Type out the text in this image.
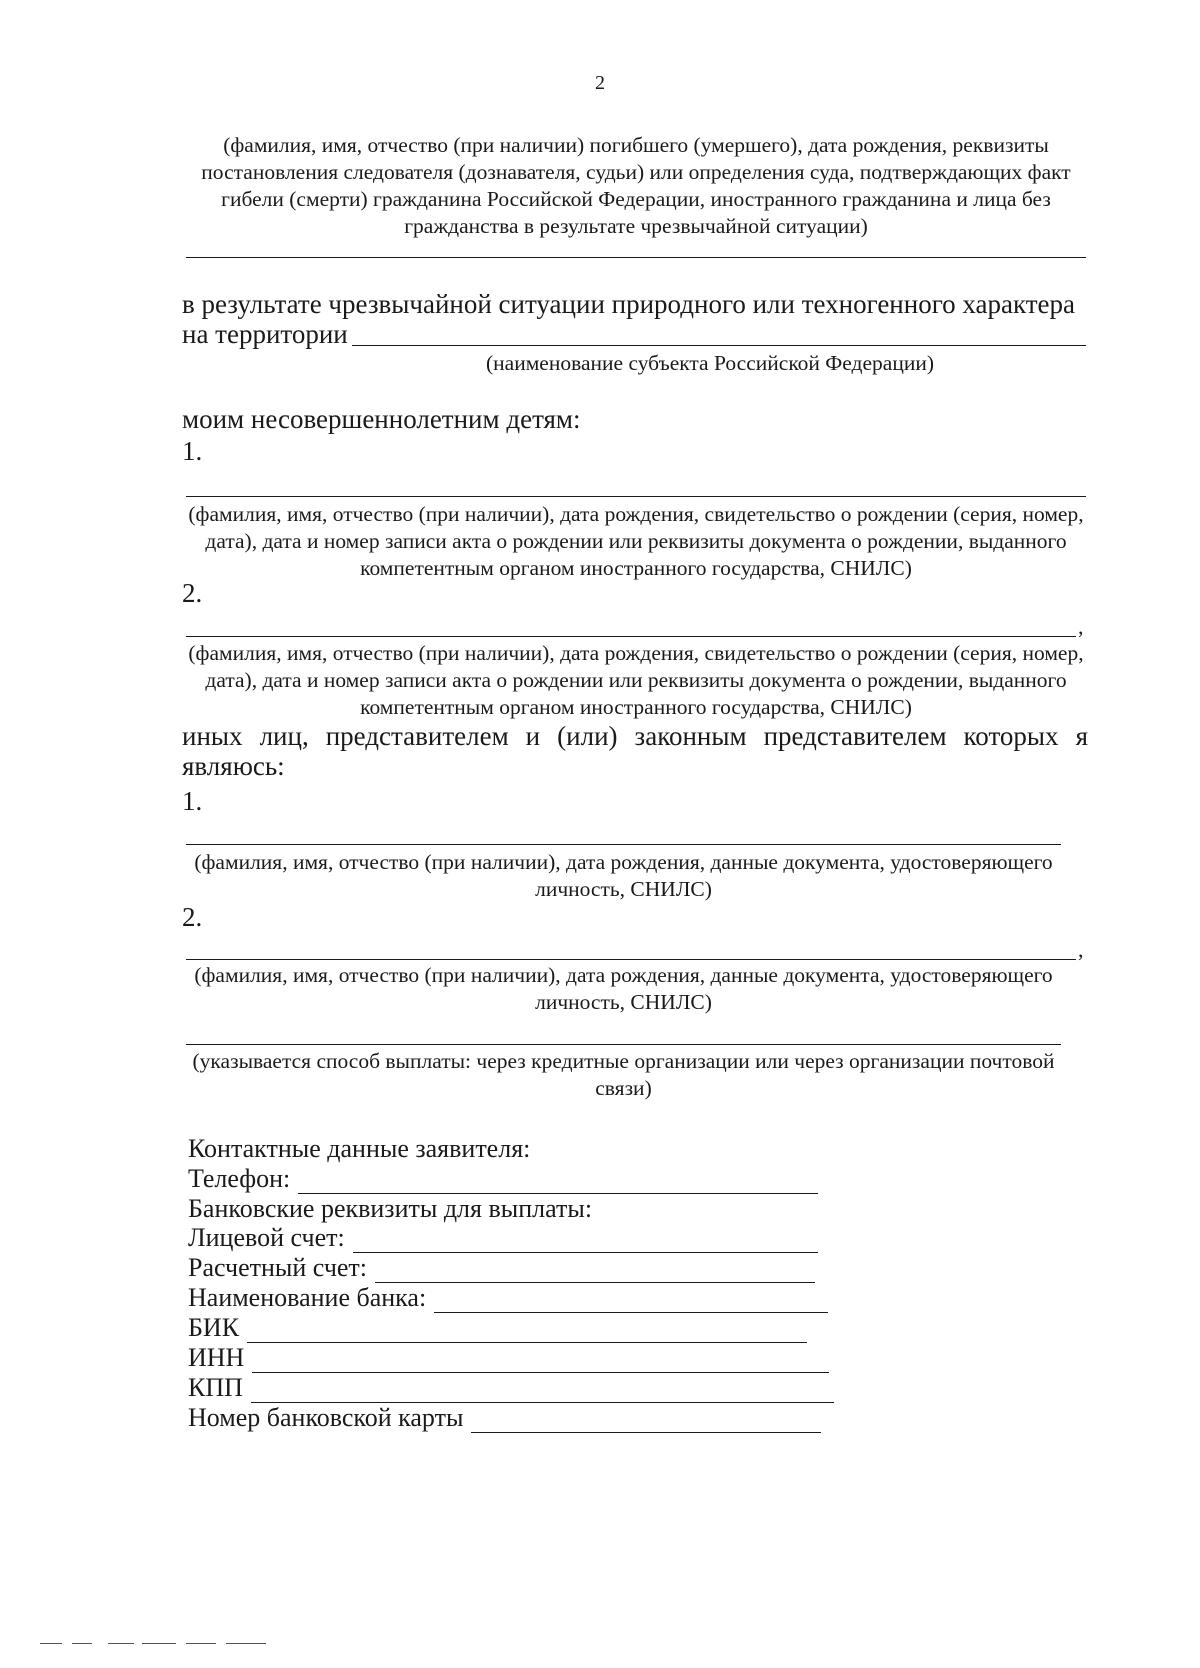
2
(фамилия, имя, отчество (при наличии) погибшего (умершего), дата рождения, реквизиты постановления следователя (дознавателя, судьи) или определения суда, подтверждающих факт гибели (смерти) гражданина Российской Федерации, иностранного гражданина и лица без гражданства в результате чрезвычайной ситуации)
в результате чрезвычайной ситуации природного или техногенного характера
на территории
(наименование субъекта Российской Федерации)
моим несовершеннолетним детям:
1.
(фамилия, имя, отчество (при наличии), дата рождения, свидетельство о рождении (серия, номер, дата), дата и номер записи акта о рождении или реквизиты документа о рождении, выданного компетентным органом иностранного государства, СНИЛС)
2.
,
(фамилия, имя, отчество (при наличии), дата рождения, свидетельство о рождении (серия, номер, дата), дата и номер записи акта о рождении или реквизиты документа о рождении, выданного компетентным органом иностранного государства, СНИЛС)
иных лиц, представителем и (или) законным представителем которых я являюсь:
1.
(фамилия, имя, отчество (при наличии), дата рождения, данные документа, удостоверяющего личность, СНИЛС)
2.
,
(фамилия, имя, отчество (при наличии), дата рождения, данные документа, удостоверяющего личность, СНИЛС)
(указывается способ выплаты: через кредитные организации или через организации почтовой связи)
Контактные данные заявителя:
Телефон:
Банковские реквизиты для выплаты:
Лицевой счет:
Расчетный счет:
Наименование банка:
БИК
ИНН
КПП
Номер банковской карты
